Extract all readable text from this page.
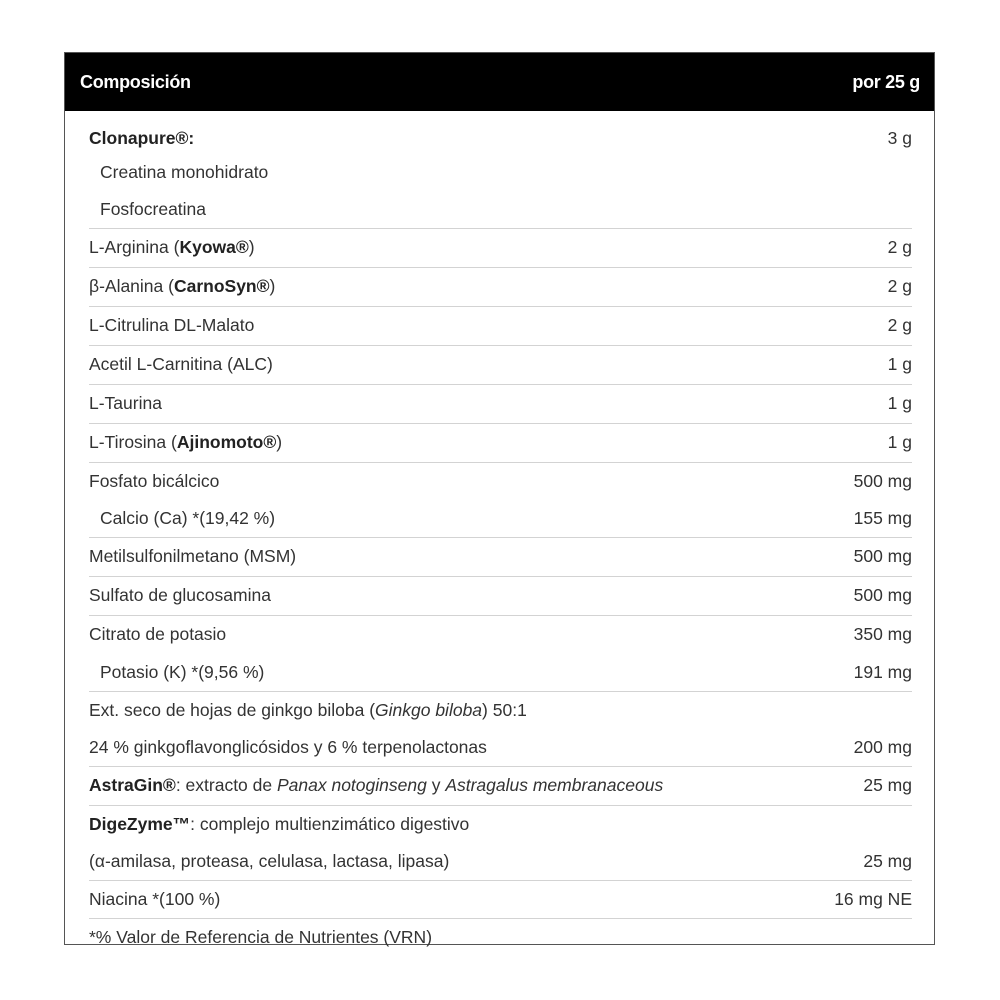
Composición	por 25 g
Clonapure®:	3 g
Creatina monohidrato
Fosfocreatina
L-Arginina (Kyowa®)	2 g
β-Alanina (CarnoSyn®)	2 g
L-Citrulina DL-Malato	2 g
Acetil L-Carnitina (ALC)	1 g
L-Taurina	1 g
L-Tirosina (Ajinomoto®)	1 g
Fosfato bicálcico	500 mg
Calcio (Ca) *(19,42 %)	155 mg
Metilsulfonilmetano (MSM)	500 mg
Sulfato de glucosamina	500 mg
Citrato de potasio	350 mg
Potasio (K) *(9,56 %)	191 mg
Ext. seco de hojas de ginkgo biloba (Ginkgo biloba) 50:1
24 % ginkgoflavonglicósidos y 6 % terpenolactonas	200 mg
AstraGin®: extracto de Panax notoginseng y Astragalus membranaceous	25 mg
DigeZyme™: complejo multienzimático digestivo
(α-amilasa, proteasa, celulasa, lactasa, lipasa)	25 mg
Niacina *(100 %)	16 mg NE
*% Valor de Referencia de Nutrientes (VRN)
